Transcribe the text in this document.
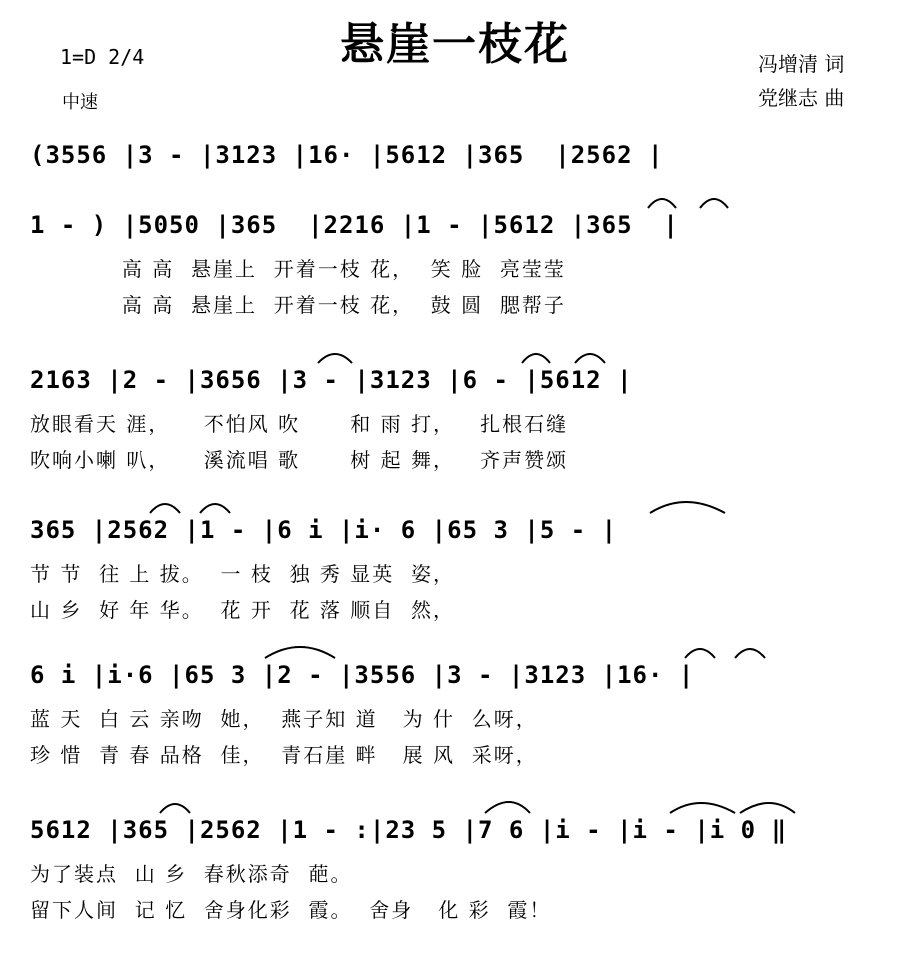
悬崖一枝花
1=D 2/4
中速
冯增清 词
党继志 曲
(3556 |3 - |3123 |16· |5612 |365  |2562 |
1 - ) |5050 |365  |2216 |1 - |5612 |365  |
高 高  悬崖上  开着一枝 花，  笑 脸  亮莹莹
高 高  悬崖上  开着一枝 花，  鼓 圆  腮帮子
2163 |2 - |3656 |3 - |3123 |6 - |5612 |
放眼看天 涯，    不怕风 吹      和 雨 打，   扎根石缝
吹响小喇 叭，    溪流唱 歌      树 起 舞，   齐声赞颂
365 |2562 |1 - |6 i |i· 6 |65 3 |5 - |
节 节  往 上 拔。  一 枝  独 秀 显英  姿，
山 乡  好 年 华。  花 开  花 落 顺自  然，
6 i |i·6 |65 3 |2 - |3556 |3 - |3123 |16· |
蓝 天  白 云 亲吻  她，  燕子知 道   为 什  么呀，
珍 惜  青 春 品格  佳，  青石崖 畔   展 风  采呀，
5612 |365 |2562 |1 - :|23 5 |7 6 |i - |i - |i 0 ‖
为了装点  山 乡  春秋添奇  葩。
留下人间  记 忆  舍身化彩  霞。  舍身   化 彩  霞！
